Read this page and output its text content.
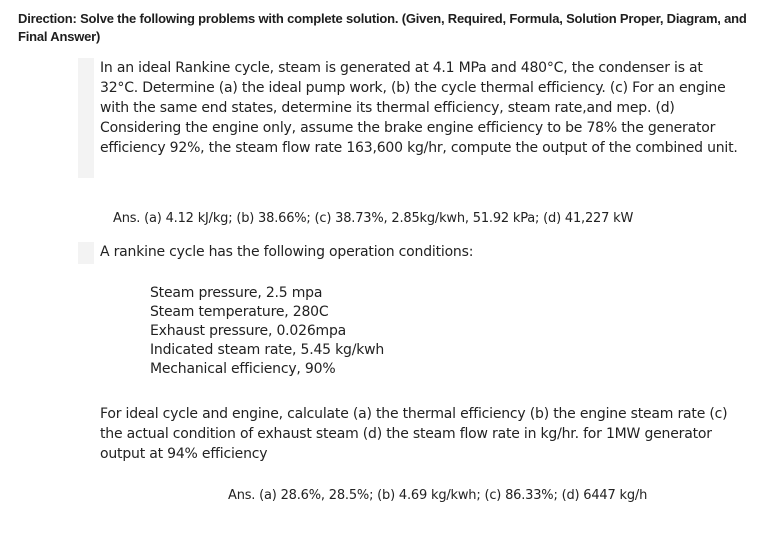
Direction: Solve the following problems with complete solution. (Given, Required, Formula, Solution Proper, Diagram, and Final Answer)
In an ideal Rankine cycle, steam is generated at 4.1 MPa and 480°C, the condenser is at 32°C. Determine (a) the ideal pump work, (b) the cycle thermal efficiency. (c) For an engine with the same end states, determine its thermal efficiency, steam rate,and mep. (d) Considering the engine only, assume the brake engine efficiency to be 78% the generator efficiency 92%, the steam flow rate 163,600 kg/hr, compute the output of the combined unit.
Ans. (a) 4.12 kJ/kg; (b) 38.66%; (c) 38.73%, 2.85kg/kwh, 51.92 kPa; (d) 41,227 kW
A rankine cycle has the following operation conditions:
Steam pressure, 2.5 mpa
Steam temperature, 280C
Exhaust pressure, 0.026mpa
Indicated steam rate, 5.45 kg/kwh
Mechanical efficiency, 90%
For ideal cycle and engine, calculate (a) the thermal efficiency (b) the engine steam rate (c) the actual condition of exhaust steam (d) the steam flow rate in kg/hr. for 1MW generator output at 94% efficiency
Ans. (a) 28.6%, 28.5%; (b) 4.69 kg/kwh; (c) 86.33%; (d) 6447 kg/h
